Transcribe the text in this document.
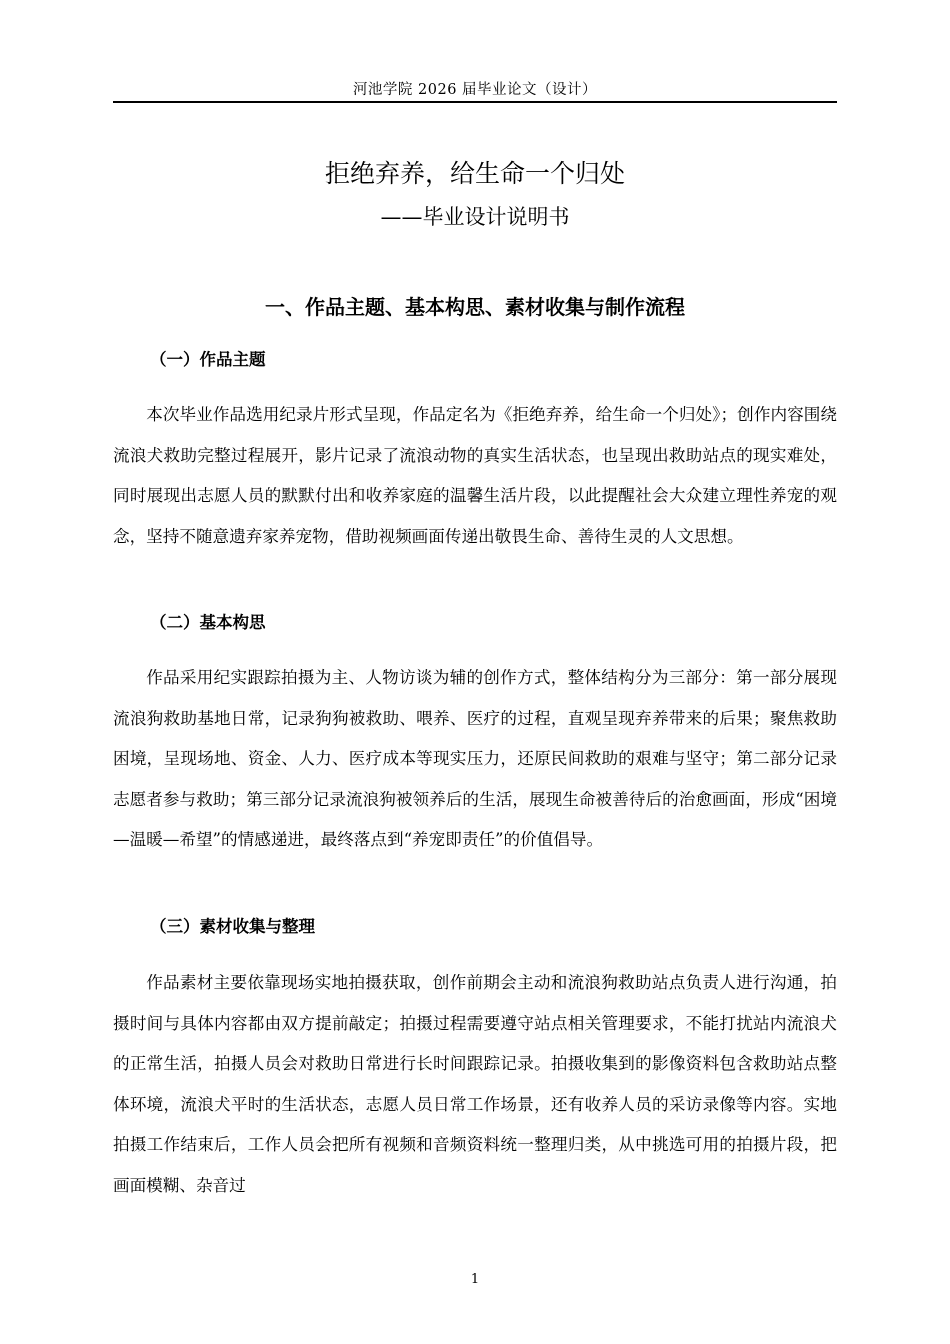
河池学院 2026 届毕业论文（设计）
拒绝弃养，给生命一个归处
——毕业设计说明书
一、作品主题、基本构思、素材收集与制作流程
（一）作品主题

本次毕业作品选用纪录片形式呈现，作品定名为《拒绝弃养，给生命一个归处》；创作内容围绕流浪犬救助完整过程展开，影片记录了流浪动物的真实生活状态，也呈现出救助站点的现实难处，同时展现出志愿人员的默默付出和收养家庭的温馨生活片段，以此提醒社会大众建立理性养宠的观念，坚持不随意遗弃家养宠物，借助视频画面传递出敬畏生命、善待生灵的人文思想。

（二）基本构思

作品采用纪实跟踪拍摄为主、人物访谈为辅的创作方式，整体结构分为三部分：第一部分展现流浪狗救助基地日常，记录狗狗被救助、喂养、医疗的过程，直观呈现弃养带来的后果；聚焦救助困境，呈现场地、资金、人力、医疗成本等现实压力，还原民间救助的艰难与坚守；第二部分记录志愿者参与救助；第三部分记录流浪狗被领养后的生活，展现生命被善待后的治愈画面，形成“困境—温暖—希望”的情感递进，最终落点到“养宠即责任”的价值倡导。

（三）素材收集与整理

作品素材主要依靠现场实地拍摄获取，创作前期会主动和流浪狗救助站点负责人进行沟通，拍摄时间与具体内容都由双方提前敲定；拍摄过程需要遵守站点相关管理要求，不能打扰站内流浪犬的正常生活，拍摄人员会对救助日常进行长时间跟踪记录。拍摄收集到的影像资料包含救助站点整体环境，流浪犬平时的生活状态，志愿人员日常工作场景，还有收养人员的采访录像等内容。实地拍摄工作结束后，工作人员会把所有视频和音频资料统一整理归类，从中挑选可用的拍摄片段，把画面模糊、杂音过

1
